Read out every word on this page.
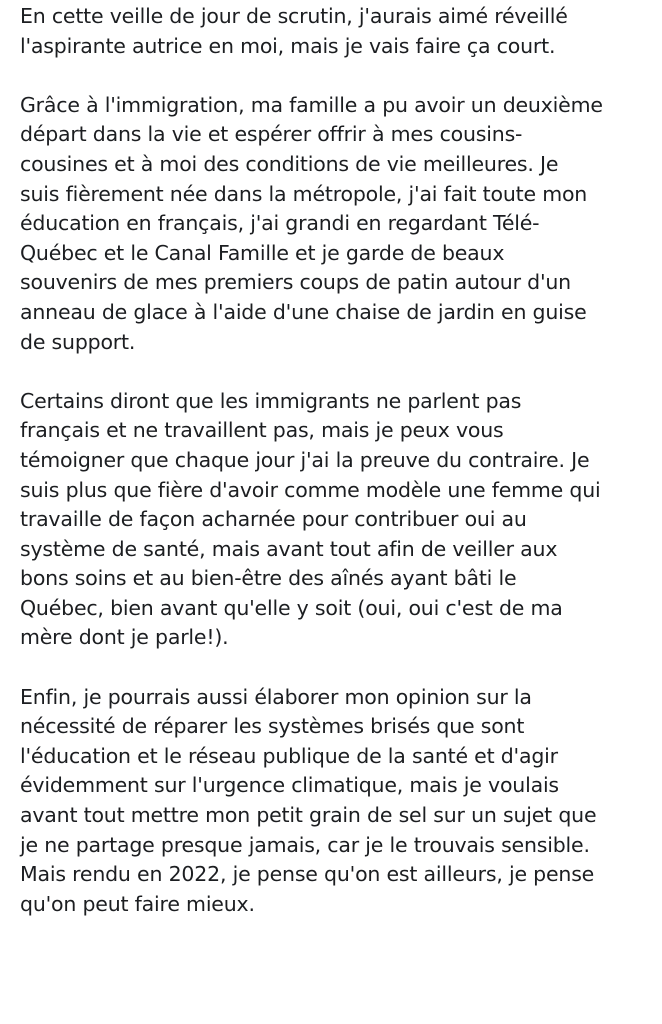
En cette veille de jour de scrutin, j'aurais aimé réveillé
l'aspirante autrice en moi, mais je vais faire ça court.

Grâce à l'immigration, ma famille a pu avoir un deuxième
départ dans la vie et espérer offrir à mes cousins-
cousines et à moi des conditions de vie meilleures. Je
suis fièrement née dans la métropole, j'ai fait toute mon
éducation en français, j'ai grandi en regardant Télé-
Québec et le Canal Famille et je garde de beaux
souvenirs de mes premiers coups de patin autour d'un
anneau de glace à l'aide d'une chaise de jardin en guise
de support.

Certains diront que les immigrants ne parlent pas
français et ne travaillent pas, mais je peux vous
témoigner que chaque jour j'ai la preuve du contraire. Je
suis plus que fière d'avoir comme modèle une femme qui
travaille de façon acharnée pour contribuer oui au
système de santé, mais avant tout afin de veiller aux
bons soins et au bien-être des aînés ayant bâti le
Québec, bien avant qu'elle y soit (oui, oui c'est de ma
mère dont je parle!).

Enfin, je pourrais aussi élaborer mon opinion sur la
nécessité de réparer les systèmes brisés que sont
l'éducation et le réseau publique de la santé et d'agir
évidemment sur l'urgence climatique, mais je voulais
avant tout mettre mon petit grain de sel sur un sujet que
je ne partage presque jamais, car je le trouvais sensible.
Mais rendu en 2022, je pense qu'on est ailleurs, je pense
qu'on peut faire mieux.
